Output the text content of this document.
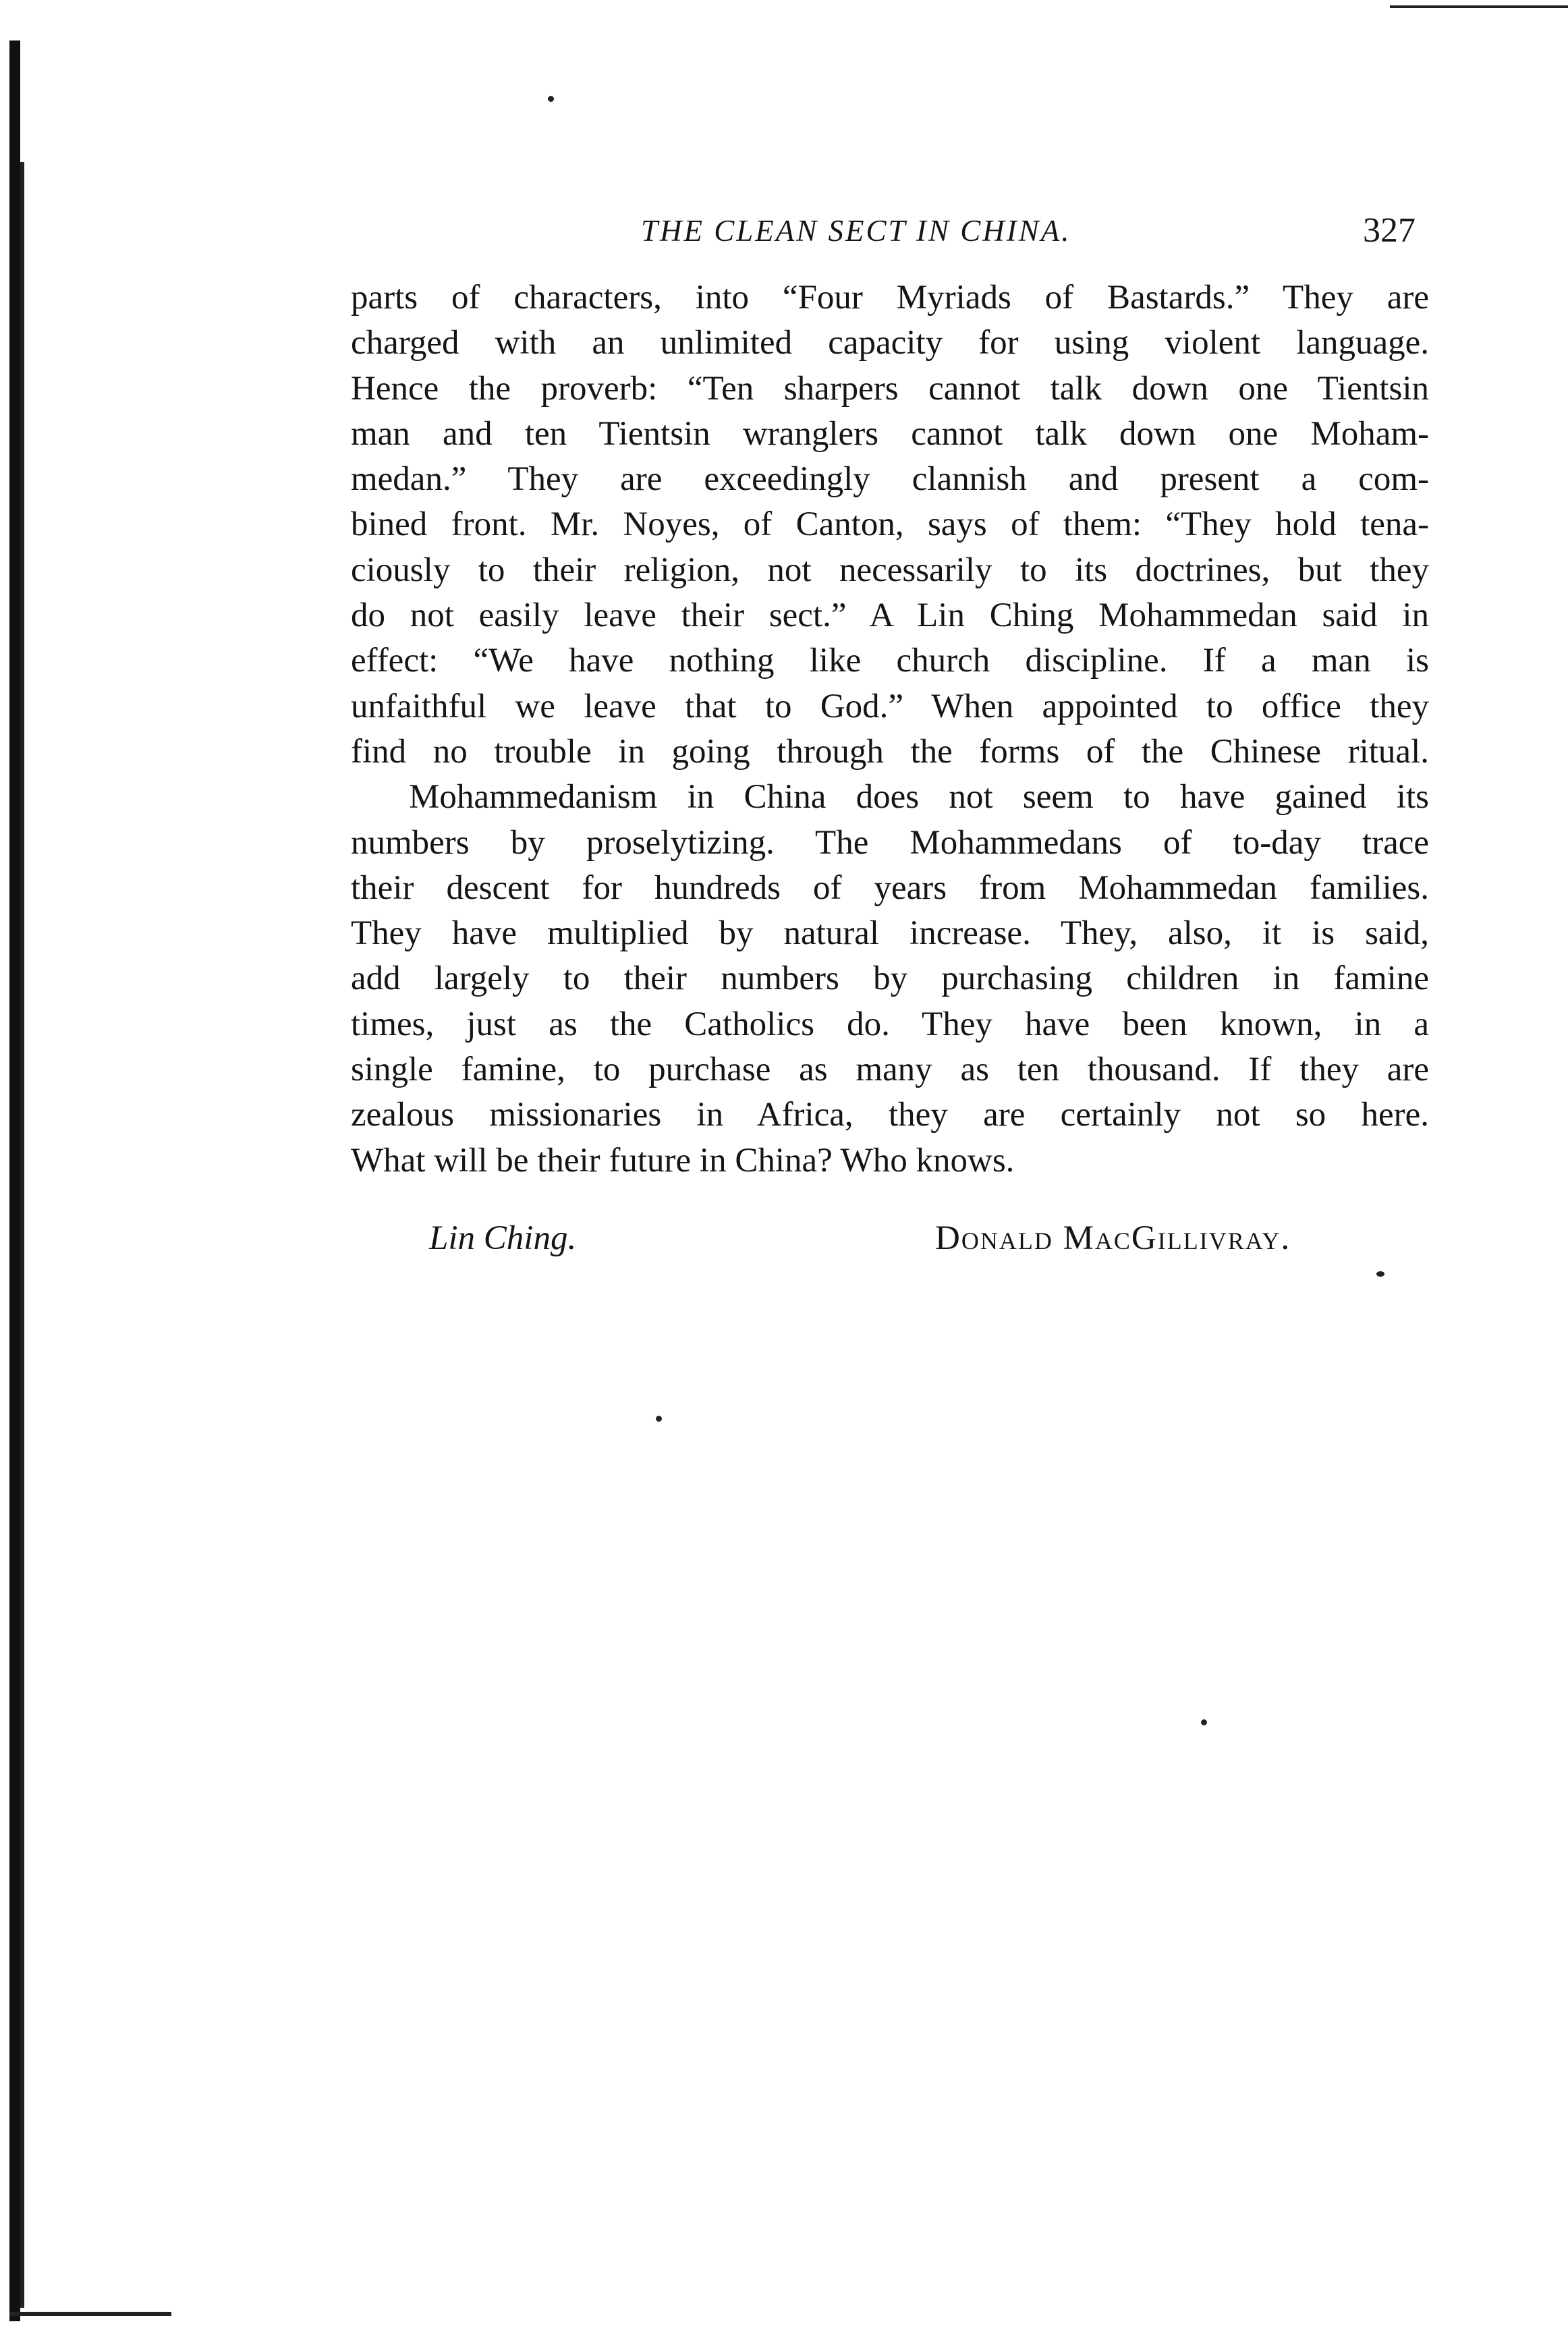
THE CLEAN SECT IN CHINA.	327
parts of characters, into “Four Myriads of Bastards.” They are
charged with an unlimited capacity for using violent language.
Hence the proverb: “Ten sharpers cannot talk down one Tientsin
man and ten Tientsin wranglers cannot talk down one Moham-
medan.” They are exceedingly clannish and present a com-
bined front. Mr. Noyes, of Canton, says of them: “They hold tena-
ciously to their religion, not necessarily to its doctrines, but they
do not easily leave their sect.” A Lin Ching Mohammedan said in
effect: “We have nothing like church discipline. If a man is
unfaithful we leave that to God.” When appointed to office they
find no trouble in going through the forms of the Chinese ritual.
Mohammedanism in China does not seem to have gained its
numbers by proselytizing. The Mohammedans of to-day trace
their descent for hundreds of years from Mohammedan families.
They have multiplied by natural increase. They, also, it is said,
add largely to their numbers by purchasing children in famine
times, just as the Catholics do. They have been known, in a
single famine, to purchase as many as ten thousand. If they are
zealous missionaries in Africa, they are certainly not so here.
What will be their future in China? Who knows.
Lin Ching.	Donald MacGillivray.
